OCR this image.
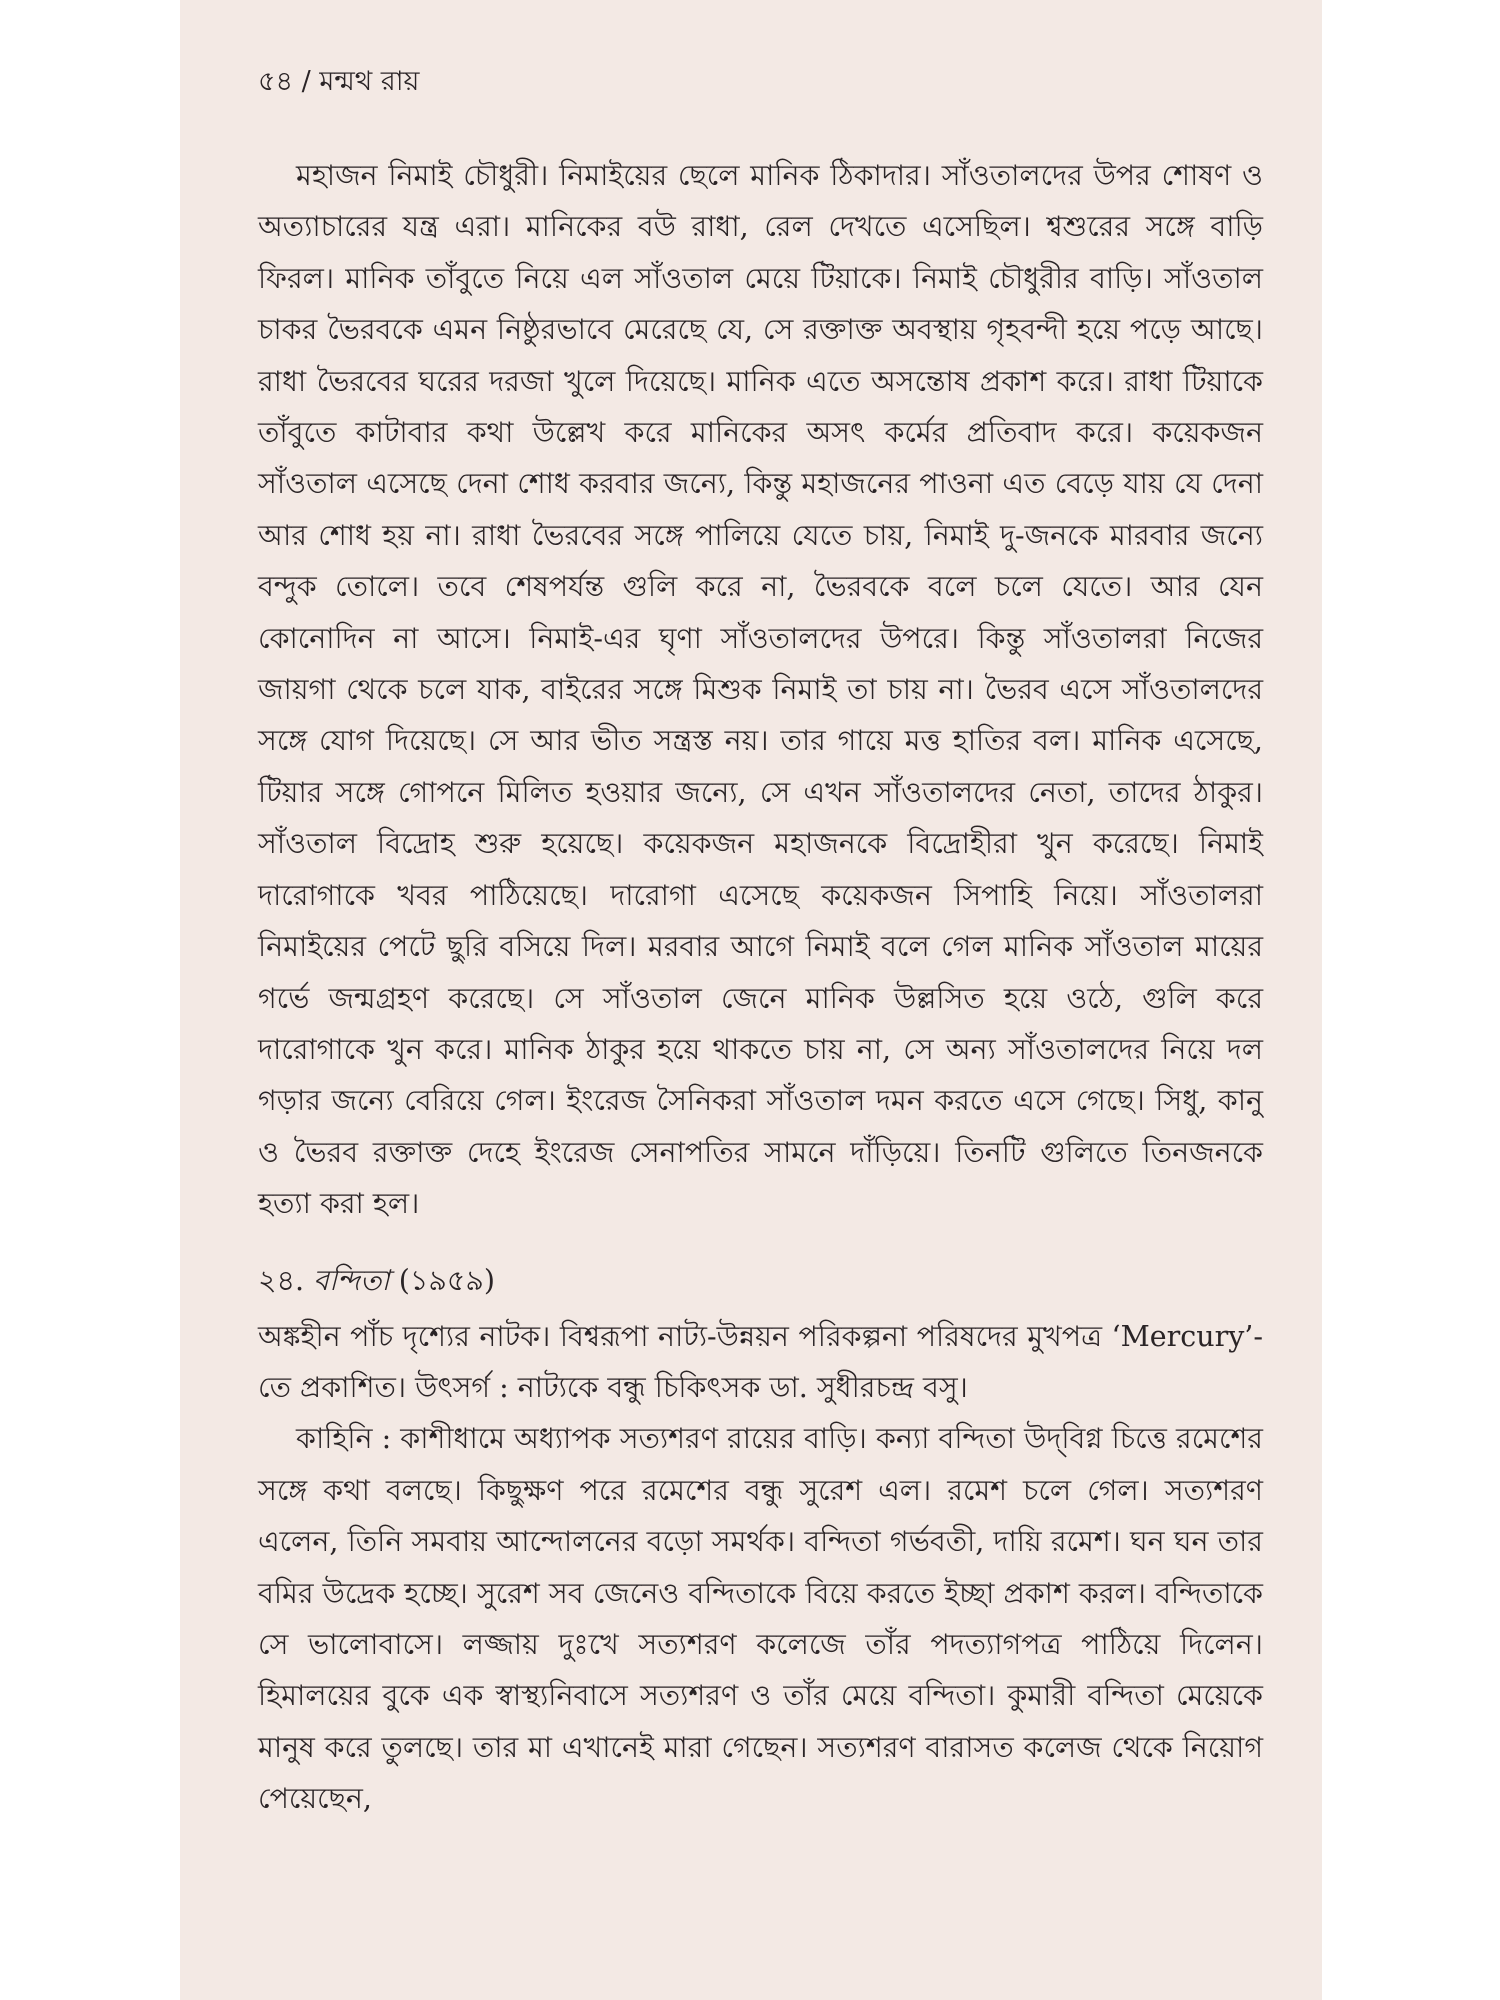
৫৪ / মন্মথ রায়

মহাজন নিমাই চৌধুরী। নিমাইয়ের ছেলে মানিক ঠিকাদার। সাঁওতালদের উপর শোষণ ও অত্যাচারের যন্ত্র এরা। মানিকের বউ রাধা, রেল দেখতে এসেছিল। শ্বশুরের সঙ্গে বাড়ি ফিরল। মানিক তাঁবুতে নিয়ে এল সাঁওতাল মেয়ে টিয়াকে। নিমাই চৌধুরীর বাড়ি। সাঁওতাল চাকর ভৈরবকে এমন নিষ্ঠুরভাবে মেরেছে যে, সে রক্তাক্ত অবস্থায় গৃহবন্দী হয়ে পড়ে আছে। রাধা ভৈরবের ঘরের দরজা খুলে দিয়েছে। মানিক এতে অসন্তোষ প্রকাশ করে। রাধা টিয়াকে তাঁবুতে কাটাবার কথা উল্লেখ করে মানিকের অসৎ কর্মের প্রতিবাদ করে। কয়েকজন সাঁওতাল এসেছে দেনা শোধ করবার জন্যে, কিন্তু মহাজনের পাওনা এত বেড়ে যায় যে দেনা আর শোধ হয় না। রাধা ভৈরবের সঙ্গে পালিয়ে যেতে চায়, নিমাই দু-জনকে মারবার জন্যে বন্দুক তোলে। তবে শেষপর্যন্ত গুলি করে না, ভৈরবকে বলে চলে যেতে। আর যেন কোনোদিন না আসে। নিমাই-এর ঘৃণা সাঁওতালদের উপরে। কিন্তু সাঁওতালরা নিজের জায়গা থেকে চলে যাক, বাইরের সঙ্গে মিশুক নিমাই তা চায় না। ভৈরব এসে সাঁওতালদের সঙ্গে যোগ দিয়েছে। সে আর ভীত সন্ত্রস্ত নয়। তার গায়ে মত্ত হাতির বল। মানিক এসেছে, টিয়ার সঙ্গে গোপনে মিলিত হওয়ার জন্যে, সে এখন সাঁওতালদের নেতা, তাদের ঠাকুর। সাঁওতাল বিদ্রোহ শুরু হয়েছে। কয়েকজন মহাজনকে বিদ্রোহীরা খুন করেছে। নিমাই দারোগাকে খবর পাঠিয়েছে। দারোগা এসেছে কয়েকজন সিপাহি নিয়ে। সাঁওতালরা নিমাইয়ের পেটে ছুরি বসিয়ে দিল। মরবার আগে নিমাই বলে গেল মানিক সাঁওতাল মায়ের গর্ভে জন্মগ্রহণ করেছে। সে সাঁওতাল জেনে মানিক উল্লসিত হয়ে ওঠে, গুলি করে দারোগাকে খুন করে। মানিক ঠাকুর হয়ে থাকতে চায় না, সে অন্য সাঁওতালদের নিয়ে দল গড়ার জন্যে বেরিয়ে গেল। ইংরেজ সৈনিকরা সাঁওতাল দমন করতে এসে গেছে। সিধু, কানু ও ভৈরব রক্তাক্ত দেহে ইংরেজ সেনাপতির সামনে দাঁড়িয়ে। তিনটি গুলিতে তিনজনকে হত্যা করা হল।

২৪. বন্দিতা (১৯৫৯)

অঙ্কহীন পাঁচ দৃশ্যের নাটক। বিশ্বরূপা নাট্য-উন্নয়ন পরিকল্পনা পরিষদের মুখপত্র ‘Mercury’-তে প্রকাশিত। উৎসর্গ : নাট্যকে বন্ধু চিকিৎসক ডা. সুধীরচন্দ্র বসু।

কাহিনি : কাশীধামে অধ্যাপক সত্যশরণ রায়ের বাড়ি। কন্যা বন্দিতা উদ্‌বিগ্ন চিত্তে রমেশের সঙ্গে কথা বলছে। কিছুক্ষণ পরে রমেশের বন্ধু সুরেশ এল। রমেশ চলে গেল। সত্যশরণ এলেন, তিনি সমবায় আন্দোলনের বড়ো সমর্থক। বন্দিতা গর্ভবতী, দায়ি রমেশ। ঘন ঘন তার বমির উদ্রেক হচ্ছে। সুরেশ সব জেনেও বন্দিতাকে বিয়ে করতে ইচ্ছা প্রকাশ করল। বন্দিতাকে সে ভালোবাসে। লজ্জায় দুঃখে সত্যশরণ কলেজে তাঁর পদত্যাগপত্র পাঠিয়ে দিলেন। হিমালয়ের বুকে এক স্বাস্থ্যনিবাসে সত্যশরণ ও তাঁর মেয়ে বন্দিতা। কুমারী বন্দিতা মেয়েকে মানুষ করে তুলছে। তার মা এখানেই মারা গেছেন। সত্যশরণ বারাসত কলেজ থেকে নিয়োগ পেয়েছেন,
